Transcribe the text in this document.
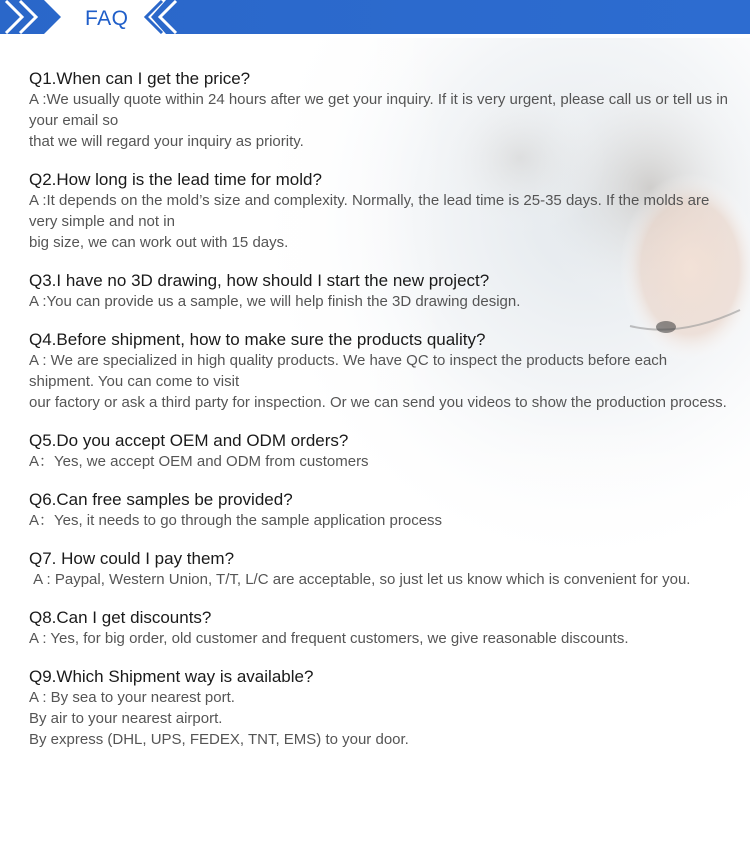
FAQ

Q1.When can I get the price?

A :We usually quote within 24 hours after we get your inquiry. If it is very urgent, please call us or tell us in your email so

that we will regard your inquiry as priority.

Q2.How long is the lead time for mold?

A :It depends on the mold’s size and complexity. Normally, the lead time is 25-35 days. If the molds are very simple and not in

big size, we can work out with 15 days.

Q3.I have no 3D drawing, how should I start the new project?

A :You can provide us a sample, we will help finish the 3D drawing design.

Q4.Before shipment, how to make sure the products quality?

A : We are specialized in high quality products. We have QC to inspect the products before each shipment. You can come to visit

our factory or ask a third party for inspection. Or we can send you videos to show the production process.

Q5.Do you accept OEM and ODM orders?

A：Yes, we accept OEM and ODM from customers

Q6.Can free samples be provided?

A：Yes, it needs to go through the sample application process

Q7. How could I pay them?

A : Paypal, Western Union, T/T, L/C are acceptable, so just let us know which is convenient for you.

Q8.Can I get discounts?

A : Yes, for big order, old customer and frequent customers, we give reasonable discounts.

Q9.Which Shipment way is available?

A : By sea to your nearest port.

By air to your nearest airport.

By express (DHL, UPS, FEDEX, TNT, EMS) to your door.
